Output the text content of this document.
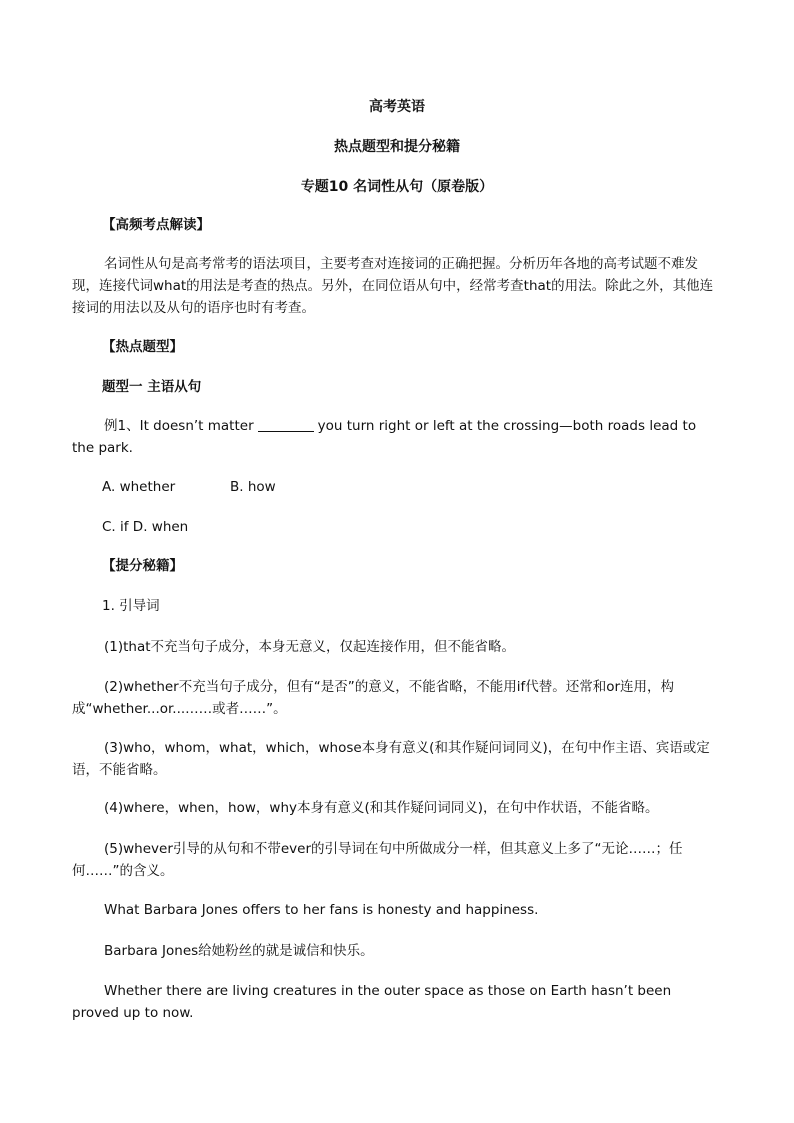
高考英语
热点题型和提分秘籍
专题10 名词性从句（原卷版）
【高频考点解读】
名词性从句是高考常考的语法项目，主要考查对连接词的正确把握。分析历年各地的高考试题不难发现，连接代词what的用法是考查的热点。另外，在同位语从句中，经常考查that的用法。除此之外，其他连接词的用法以及从句的语序也时有考查。
【热点题型】
题型一 主语从句
例1、It doesn’t matter	you turn right or left at the crossing—both roads lead to the park.
A. whether	B. how
C. if D. when
【提分秘籍】
1. 引导词
(1)that不充当句子成分，本身无意义，仅起连接作用，但不能省略。
(2)whether不充当句子成分，但有“是否”的意义，不能省略，不能用if代替。还常和or连用，构成“whether...or...……或者……”。
(3)who，whom，what，which，whose本身有意义(和其作疑问词同义)，在句中作主语、宾语或定语，不能省略。
(4)where，when，how，why本身有意义(和其作疑问词同义)，在句中作状语，不能省略。
(5)whever引导的从句和不带ever的引导词在句中所做成分一样，但其意义上多了“无论……；任何……”的含义。
What Barbara Jones offers to her fans is honesty and happiness.
Barbara Jones给她粉丝的就是诚信和快乐。
Whether there are living creatures in the outer space as those on Earth hasn’t been proved up to now.
